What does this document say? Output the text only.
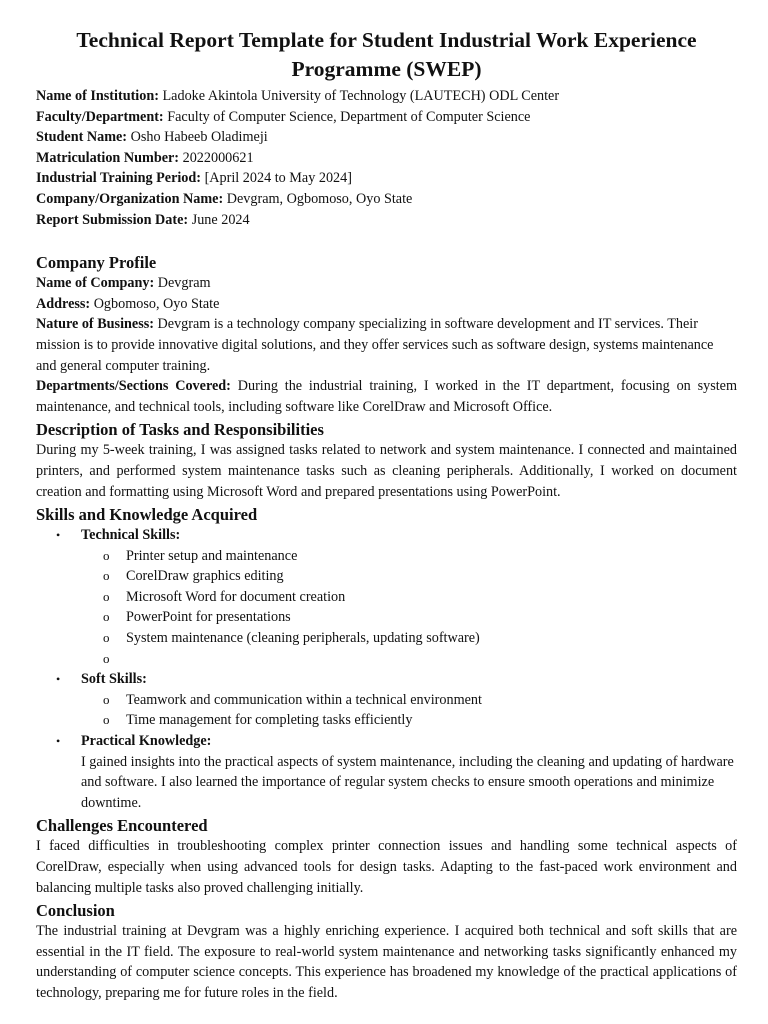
Technical Report Template for Student Industrial Work Experience Programme (SWEP)

Name of Institution: Ladoke Akintola University of Technology (LAUTECH) ODL Center

Faculty/Department: Faculty of Computer Science, Department of Computer Science

Student Name: Osho Habeeb Oladimeji

Matriculation Number: 2022000621

Industrial Training Period: [April 2024 to May 2024]

Company/Organization Name: Devgram, Ogbomoso, Oyo State

Report Submission Date: June 2024

Company Profile

Name of Company: Devgram

Address: Ogbomoso, Oyo State

Nature of Business: Devgram is a technology company specializing in software development and IT services. Their mission is to provide innovative digital solutions, and they offer services such as software design, systems maintenance and general computer training.

Departments/Sections Covered: During the industrial training, I worked in the IT department, focusing on system maintenance, and technical tools, including software like CorelDraw and Microsoft Office.

Description of Tasks and Responsibilities

During my 5-week training, I was assigned tasks related to network and system maintenance. I connected and maintained printers, and performed system maintenance tasks such as cleaning peripherals. Additionally, I worked on document creation and formatting using Microsoft Word and prepared presentations using PowerPoint.

Skills and Knowledge Acquired
• Technical Skills:
o Printer setup and maintenance
o CorelDraw graphics editing
o Microsoft Word for document creation
o PowerPoint for presentations
o System maintenance (cleaning peripherals, updating software)
o
• Soft Skills:
o Teamwork and communication within a technical environment
o Time management for completing tasks efficiently
• Practical Knowledge:

I gained insights into the practical aspects of system maintenance, including the cleaning and updating of hardware and software. I also learned the importance of regular system checks to ensure smooth operations and minimize downtime.

Challenges Encountered

I faced difficulties in troubleshooting complex printer connection issues and handling some technical aspects of CorelDraw, especially when using advanced tools for design tasks. Adapting to the fast-paced work environment and balancing multiple tasks also proved challenging initially.

Conclusion

The industrial training at Devgram was a highly enriching experience. I acquired both technical and soft skills that are essential in the IT field. The exposure to real-world system maintenance and networking tasks significantly enhanced my understanding of computer science concepts. This experience has broadened my knowledge of the practical applications of technology, preparing me for future roles in the field.
